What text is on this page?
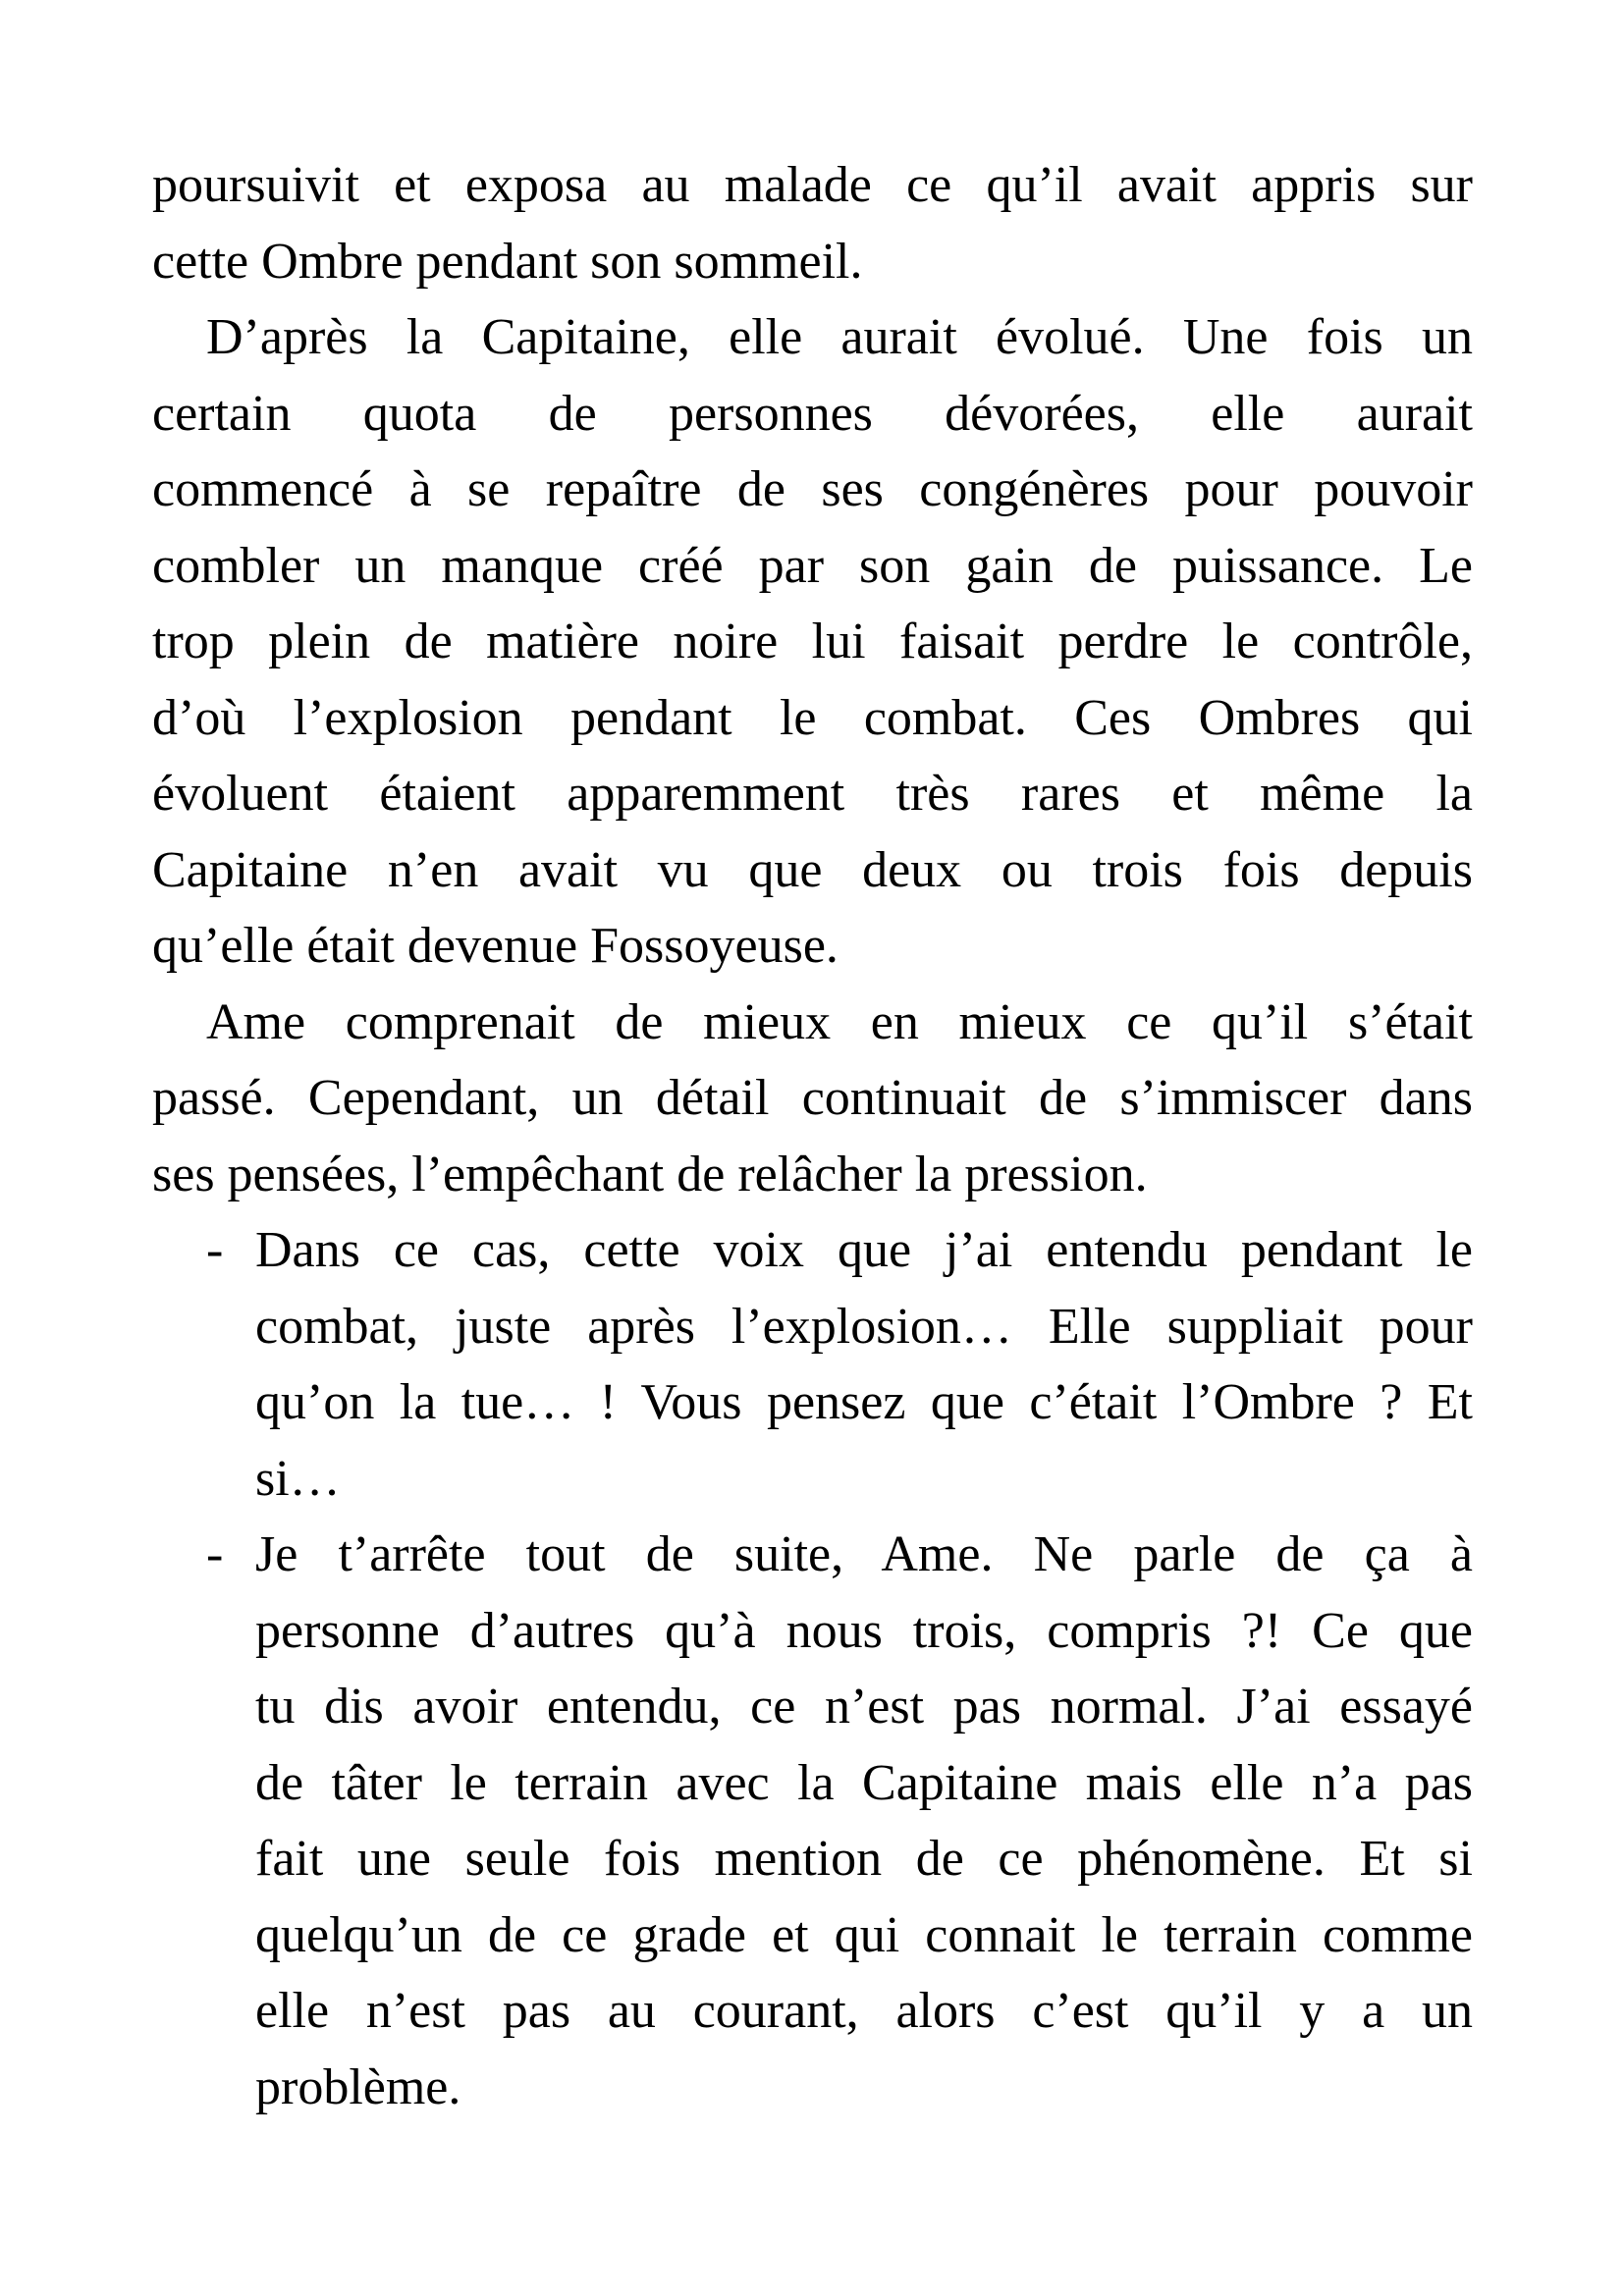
poursuivit et exposa au malade ce qu’il avait appris sur
cette Ombre pendant son sommeil.
D’après la Capitaine, elle aurait évolué. Une fois un
certain quota de personnes dévorées, elle aurait
commencé à se repaître de ses congénères pour pouvoir
combler un manque créé par son gain de puissance. Le
trop plein de matière noire lui faisait perdre le contrôle,
d’où l’explosion pendant le combat. Ces Ombres qui
évoluent étaient apparemment très rares et même la
Capitaine n’en avait vu que deux ou trois fois depuis
qu’elle était devenue Fossoyeuse.
Ame comprenait de mieux en mieux ce qu’il s’était
passé. Cependant, un détail continuait de s’immiscer dans
ses pensées, l’empêchant de relâcher la pression.
- Dans ce cas, cette voix que j’ai entendu pendant le
combat, juste après l’explosion… Elle suppliait pour
qu’on la tue… ! Vous pensez que c’était l’Ombre ? Et
si…
- Je t’arrête tout de suite, Ame. Ne parle de ça à
personne d’autres qu’à nous trois, compris ?! Ce que
tu dis avoir entendu, ce n’est pas normal. J’ai essayé
de tâter le terrain avec la Capitaine mais elle n’a pas
fait une seule fois mention de ce phénomène. Et si
quelqu’un de ce grade et qui connait le terrain comme
elle n’est pas au courant, alors c’est qu’il y a un
problème.
